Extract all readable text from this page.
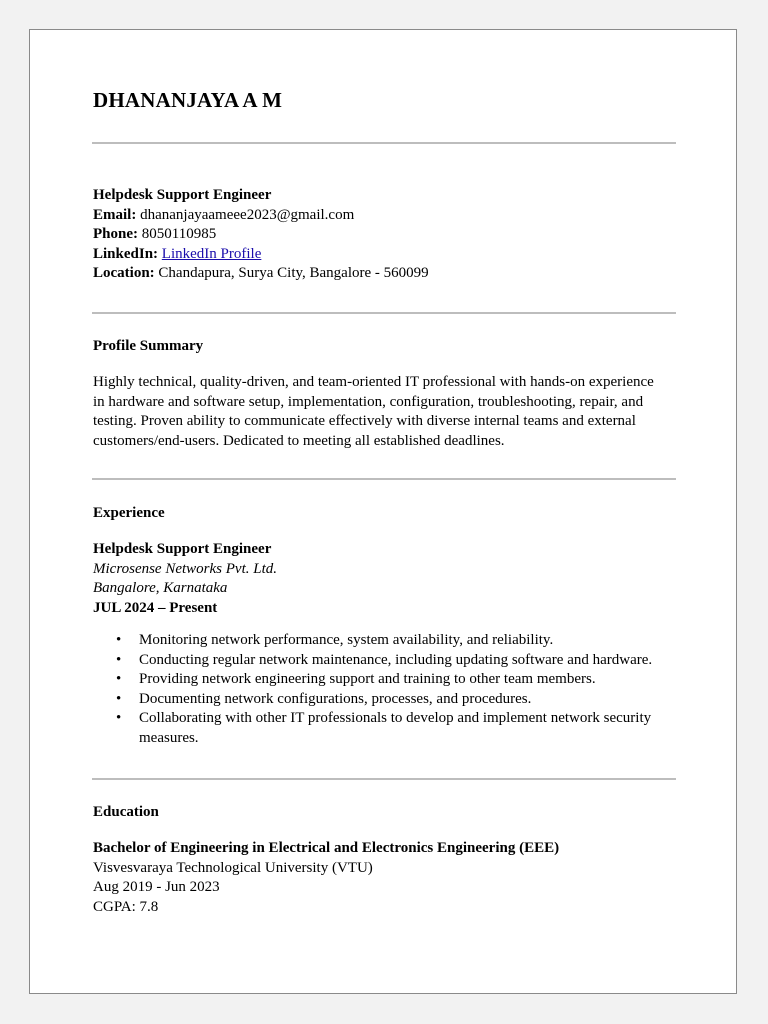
DHANANJAYA A M
Helpdesk Support Engineer
Email: dhananjayaameee2023@gmail.com
Phone: 8050110985
LinkedIn: LinkedIn Profile
Location: Chandapura, Surya City, Bangalore - 560099
Profile Summary
Highly technical, quality-driven, and team-oriented IT professional with hands-on experience
in hardware and software setup, implementation, configuration, troubleshooting, repair, and
testing. Proven ability to communicate effectively with diverse internal teams and external
customers/end-users. Dedicated to meeting all established deadlines.
Experience
Helpdesk Support Engineer
Microsense Networks Pvt. Ltd.
Bangalore, Karnataka
JUL 2024 – Present
• Monitoring network performance, system availability, and reliability.
• Conducting regular network maintenance, including updating software and hardware.
• Providing network engineering support and training to other team members.
• Documenting network configurations, processes, and procedures.
• Collaborating with other IT professionals to develop and implement network security measures.
Education
Bachelor of Engineering in Electrical and Electronics Engineering (EEE)
Visvesvaraya Technological University (VTU)
Aug 2019 - Jun 2023
CGPA: 7.8
